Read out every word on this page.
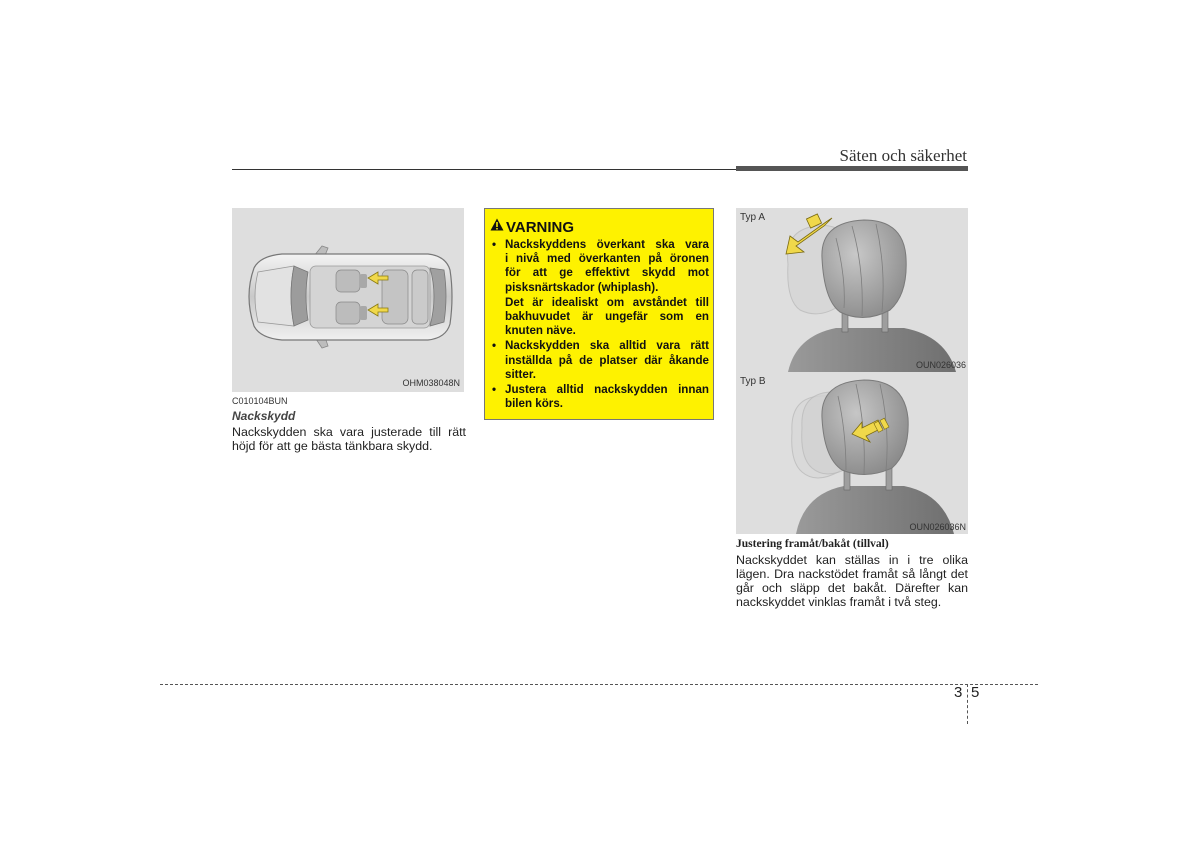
Säten och säkerhet
OHM038048N
C010104BUN
Nackskydd
Nackskydden ska vara justerade till rätt
höjd för att ge bästa tänkbara skydd.
VARNING
• Nackskyddens överkant ska vara
i nivå med överkanten på öronen
för att ge effektivt skydd mot
pisksnärtskador (whiplash).
Det är idealiskt om avståndet till
bakhuvudet är ungefär som en
knuten näve.
• Nackskydden ska alltid vara rätt
inställda på de platser där åkande
sitter.
• Justera alltid nackskydden innan
bilen körs.
Typ A
OUN026036
Typ B
OUN026036N
Justering framåt/bakåt (tillval)
Nackskyddet kan ställas in i tre olika
lägen. Dra nackstödet framåt så långt det
går och släpp det bakåt. Därefter kan
nackskyddet vinklas framåt i två steg.
3 5
